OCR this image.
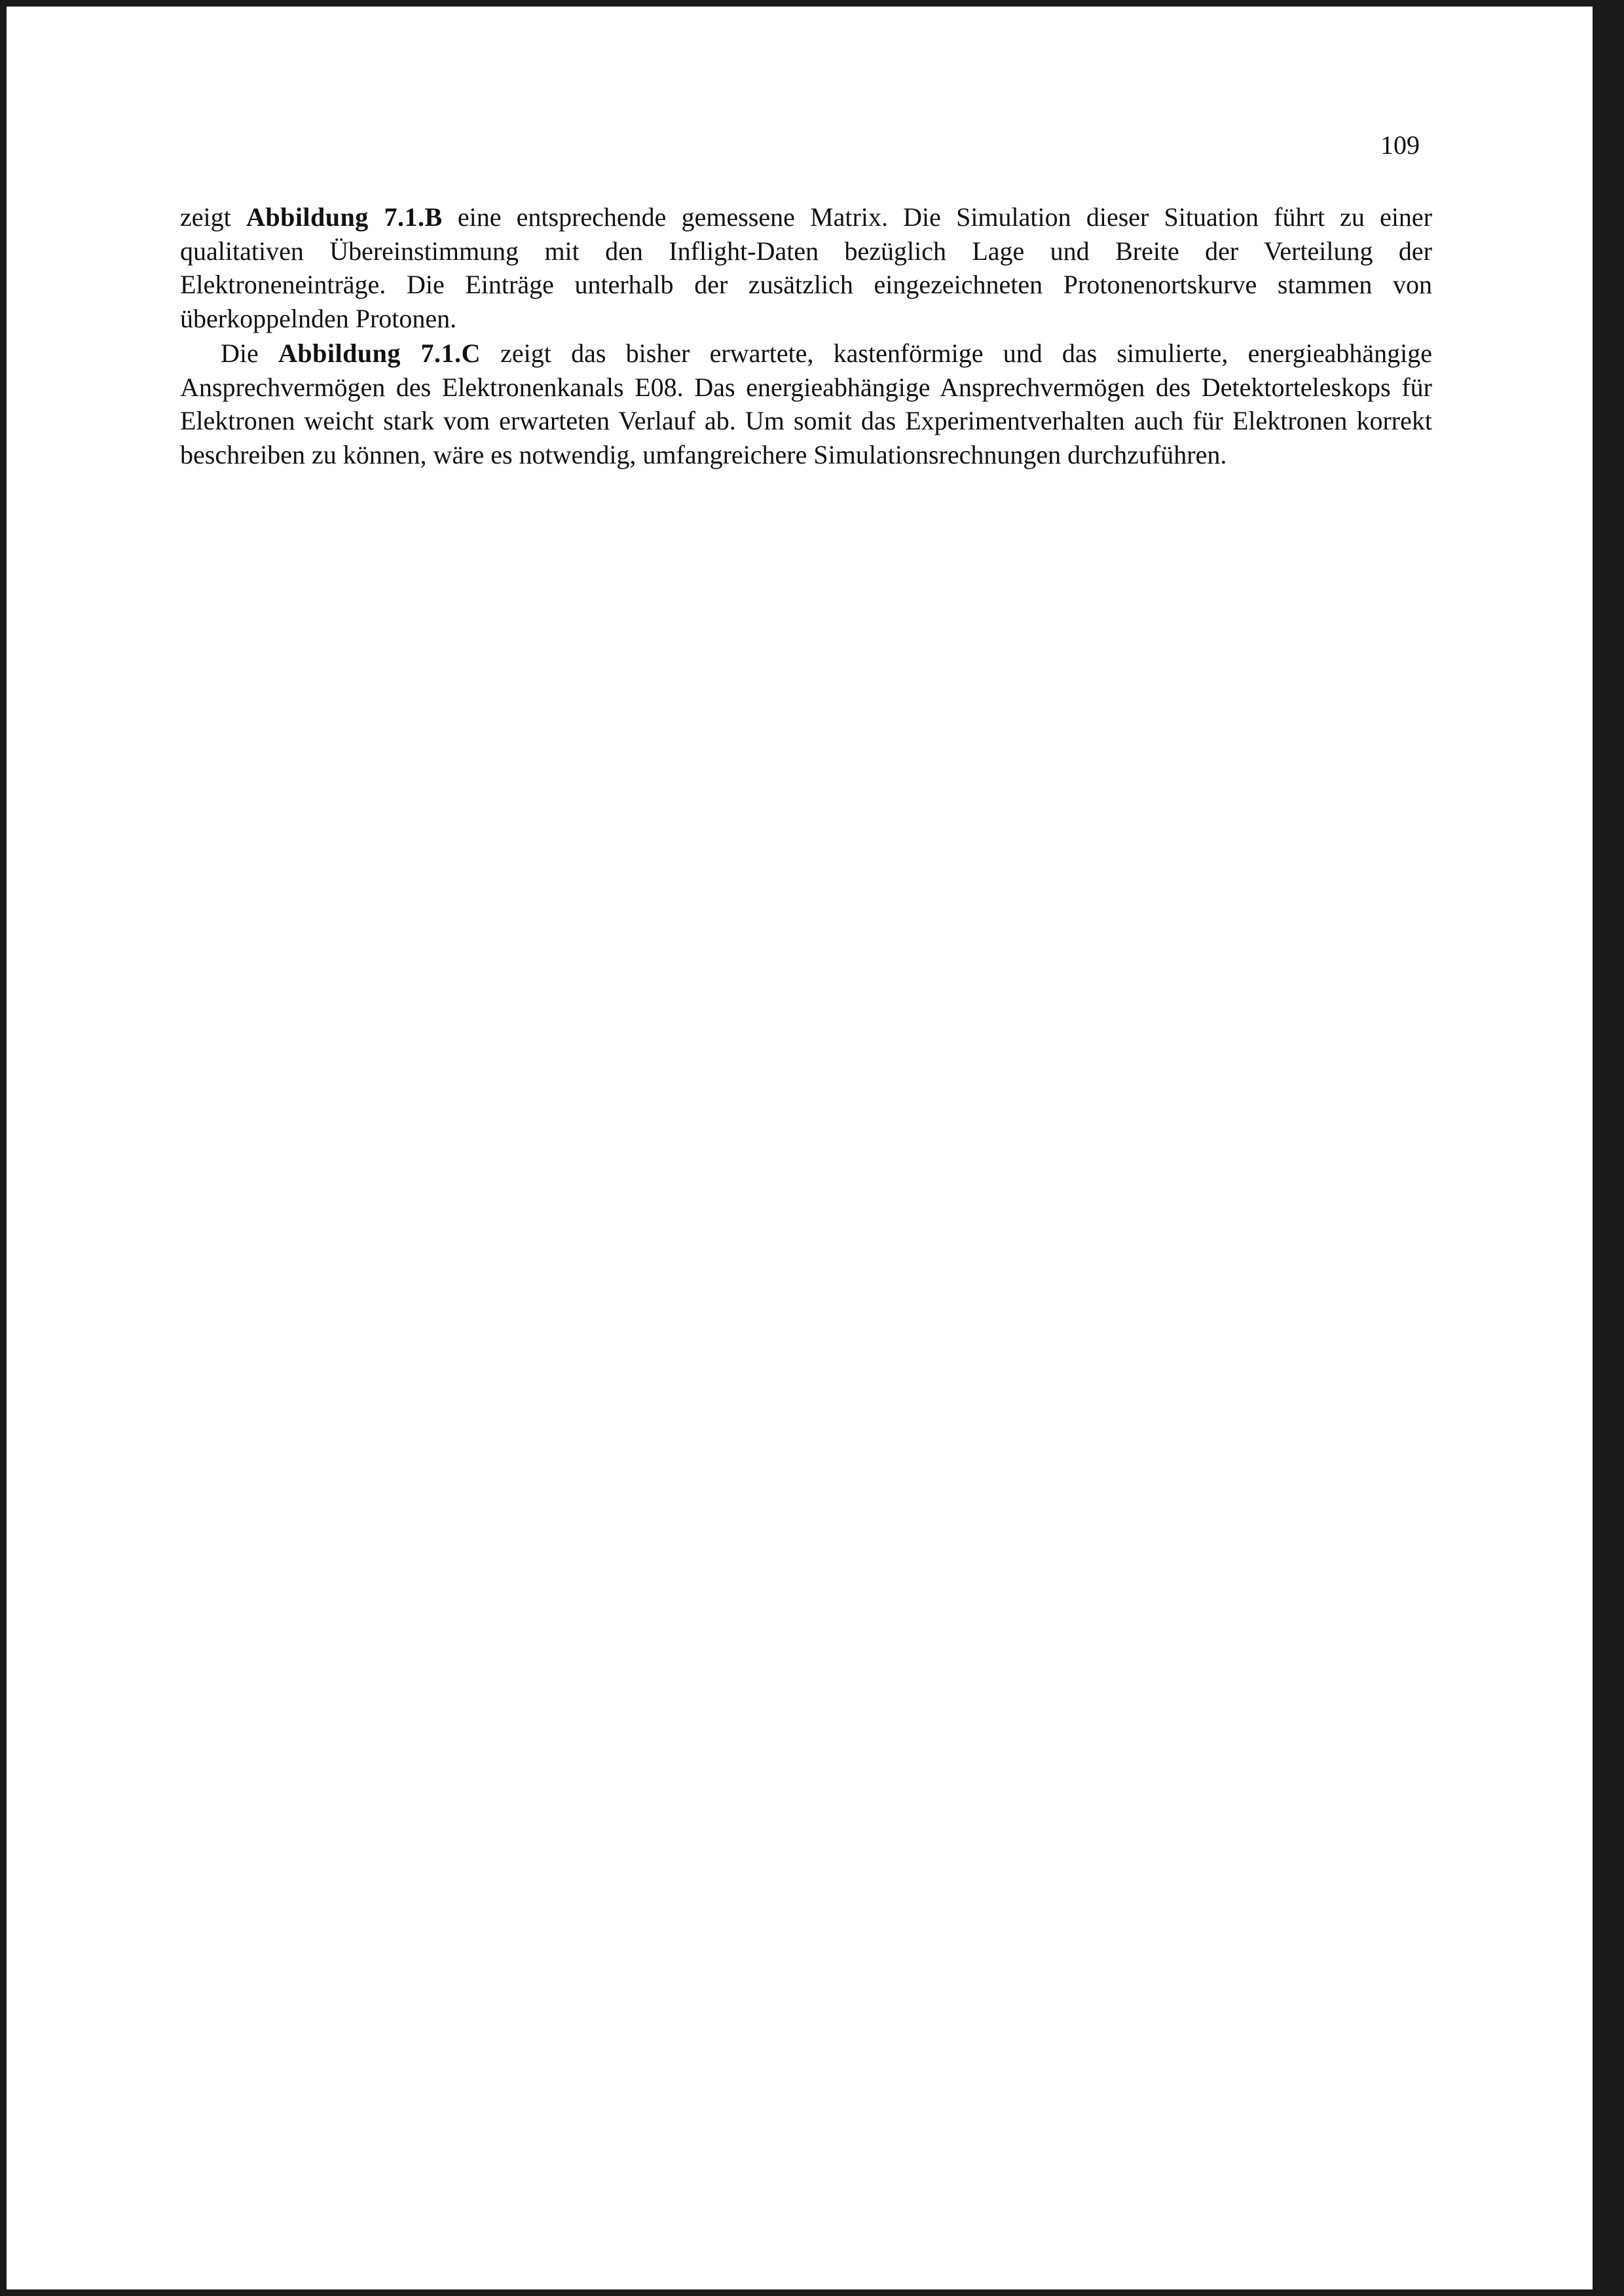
109

zeigt Abbildung 7.1.B eine entsprechende gemessene Matrix. Die Simulation dieser Situation führt zu einer qualitativen Übereinstimmung mit den Inflight-Daten bezüglich Lage und Breite der Verteilung der Elektroneneinträge. Die Einträge unterhalb der zusätzlich eingezeichneten Protonenortskurve stammen von überkoppelnden Protonen.

Die Abbildung 7.1.C zeigt das bisher erwartete, kastenförmige und das simulierte, energieabhängige Ansprechvermögen des Elektronenkanals E08. Das energieabhängige Ansprechvermögen des Detektorteleskops für Elektronen weicht stark vom erwarteten Verlauf ab. Um somit das Experimentverhalten auch für Elektronen korrekt beschreiben zu können, wäre es notwendig, umfangreichere Simulationsrechnungen durchzuführen.
